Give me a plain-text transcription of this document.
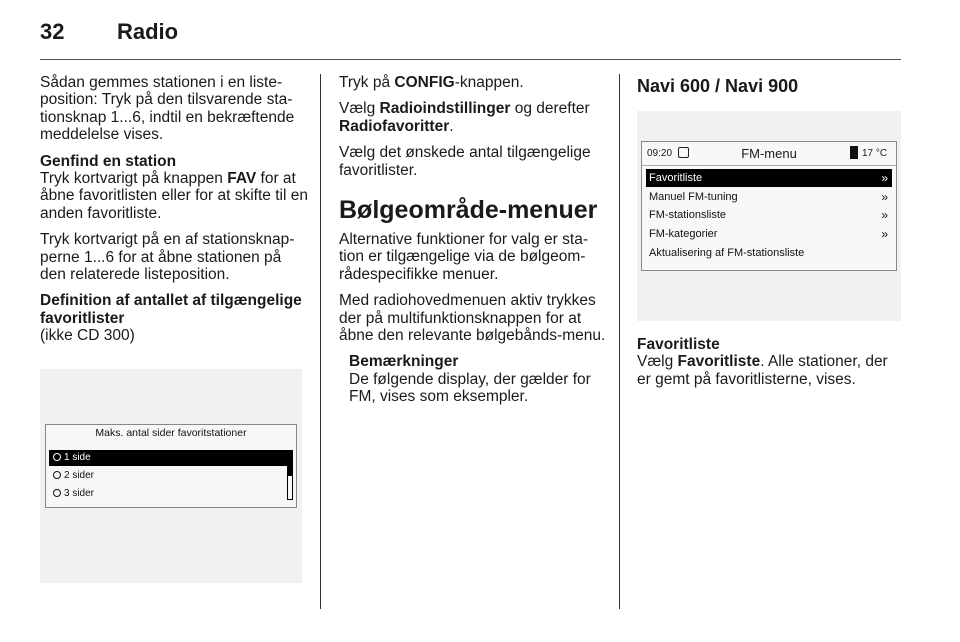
32 Radio

Sådan gemmes stationen i en liste-position: Tryk på den tilsvarende sta-tionsknap 1...6, indtil en bekræftende meddelelse vises.

Genfind en station

Tryk kortvarigt på knappen FAV for at åbne favoritlisten eller for at skifte til en anden favoritliste.

Tryk kortvarigt på en af stationsknap-perne 1...6 for at åbne stationen på den relaterede listeposition.

Definition af antallet af tilgængelige favoritlister

(ikke CD 300)

Maks. antal sider favoritstationer
1 side
2 sider
3 sider

Tryk på CONFIG-knappen.

Vælg Radioindstillinger og derefter Radiofavoritter.

Vælg det ønskede antal tilgængelige favoritlister.

Bølgeområde-menuer

Alternative funktioner for valg er sta-tion er tilgængelige via de bølgeom-rådespecifikke menuer.

Med radiohovedmenuen aktiv trykkes der på multifunktionsknappen for at åbne den relevante bølgebånds-menu.

Bemærkninger

De følgende display, der gælder for FM, vises som eksempler.

Navi 600 / Navi 900
09:20	FM-menu	17 °C
Favoritliste	»
Manuel FM-tuning	»
FM-stationsliste	»
FM-kategorier	»
Aktualisering af FM-stationsliste

Favoritliste

Vælg Favoritliste. Alle stationer, der er gemt på favoritlisterne, vises.
